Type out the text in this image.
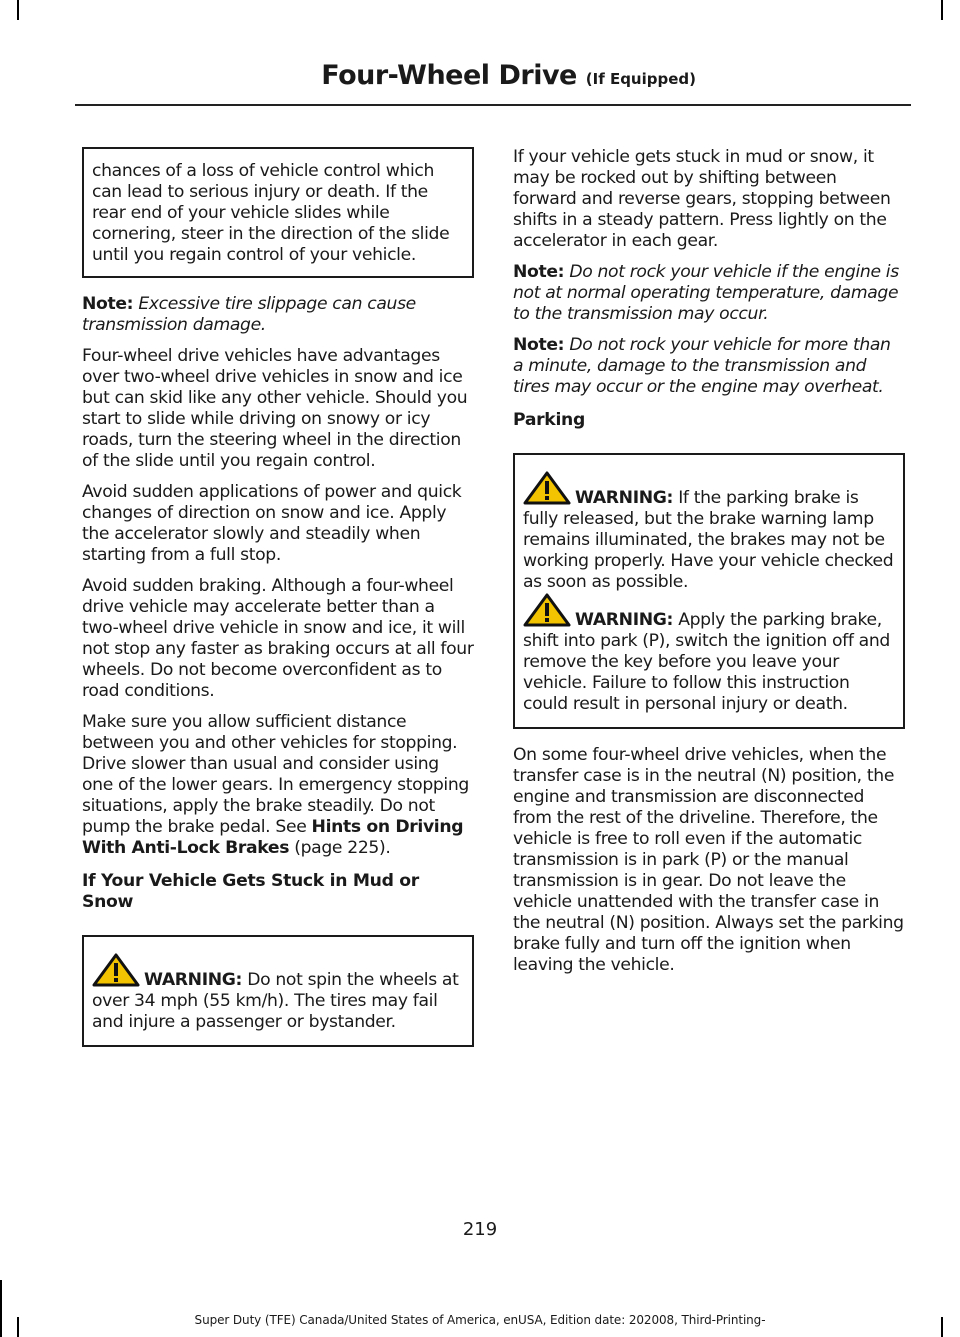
Four-Wheel Drive (If Equipped)

chances of a loss of vehicle control which can lead to serious injury or death. If the rear end of your vehicle slides while cornering, steer in the direction of the slide until you regain control of your vehicle.

Note: Excessive tire slippage can cause transmission damage.

Four-wheel drive vehicles have advantages over two-wheel drive vehicles in snow and ice but can skid like any other vehicle. Should you start to slide while driving on snowy or icy roads, turn the steering wheel in the direction of the slide until you regain control.

Avoid sudden applications of power and quick changes of direction on snow and ice. Apply the accelerator slowly and steadily when starting from a full stop.

Avoid sudden braking. Although a four-wheel drive vehicle may accelerate better than a two-wheel drive vehicle in snow and ice, it will not stop any faster as braking occurs at all four wheels. Do not become overconfident as to road conditions.

Make sure you allow sufficient distance between you and other vehicles for stopping. Drive slower than usual and consider using one of the lower gears. In emergency stopping situations, apply the brake steadily. Do not pump the brake pedal. See Hints on Driving With Anti-Lock Brakes (page 225).

If Your Vehicle Gets Stuck in Mud or Snow

WARNING: Do not spin the wheels at over 34 mph (55 km/h). The tires may fail and injure a passenger or bystander.

If your vehicle gets stuck in mud or snow, it may be rocked out by shifting between forward and reverse gears, stopping between shifts in a steady pattern. Press lightly on the accelerator in each gear.

Note: Do not rock your vehicle if the engine is not at normal operating temperature, damage to the transmission may occur.

Note: Do not rock your vehicle for more than a minute, damage to the transmission and tires may occur or the engine may overheat.

Parking

WARNING: If the parking brake is fully released, but the brake warning lamp remains illuminated, the brakes may not be working properly. Have your vehicle checked as soon as possible.

WARNING: Apply the parking brake, shift into park (P), switch the ignition off and remove the key before you leave your vehicle. Failure to follow this instruction could result in personal injury or death.

On some four-wheel drive vehicles, when the transfer case is in the neutral (N) position, the engine and transmission are disconnected from the rest of the driveline. Therefore, the vehicle is free to roll even if the automatic transmission is in park (P) or the manual transmission is in gear. Do not leave the vehicle unattended with the transfer case in the neutral (N) position. Always set the parking brake fully and turn off the ignition when leaving the vehicle.

219
Super Duty (TFE) Canada/United States of America, enUSA, Edition date: 202008, Third-Printing-
